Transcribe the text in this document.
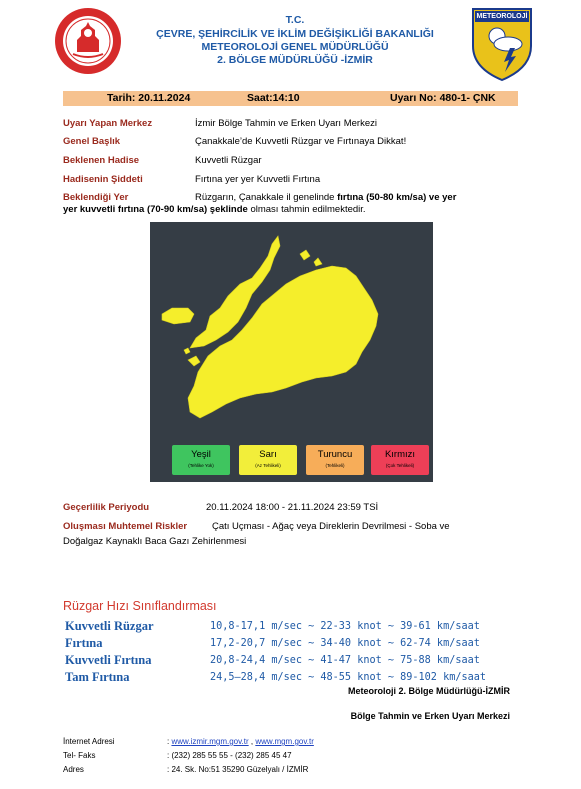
METEOROLOJİ
T.C.
ÇEVRE, ŞEHİRCİLİK VE İKLİM DEĞİŞİKLİĞİ BAKANLIĞI
METEOROLOJİ GENEL MÜDÜRLÜĞÜ
2. BÖLGE MÜDÜRLÜĞÜ -İZMİR
Tarih: 20.11.2024	Saat:14:10	Uyarı No: 480-1- ÇNK
Uyarı Yapan Merkez	İzmir Bölge Tahmin ve Erken Uyarı Merkezi
Genel Başlık	Çanakkale’de Kuvvetli Rüzgar ve Fırtınaya Dikkat!
Beklenen Hadise	Kuvvetli Rüzgar
Hadisenin Şiddeti	Fırtına yer yer Kuvvetli Fırtına
Beklendiği Yer	Rüzgarın, Çanakkale il genelinde fırtına (50-80 km/sa) ve yer
yer kuvvetli fırtına (70-90 km/sa) şeklinde olması tahmin edilmektedir.
Yeşil
(Tehlike Yok)
Sarı
(Az Tehlikeli)
Turuncu
(Tehlikeli)
Kırmızı
(Çok Tehlikeli)
Geçerlilik Periyodu	20.11.2024 18:00 - 21.11.2024 23:59 TSİ
Oluşması Muhtemel Riskler	Çatı Uçması - Ağaç veya Direklerin Devrilmesi - Soba ve
Doğalgaz Kaynaklı Baca Gazı Zehirlenmesi
Rüzgar Hızı Sınıflandırması
Kuvvetli Rüzgar	10,8-17,1 m/sec ~ 22-33 knot ~ 39-61 km/saat
Fırtına	17,2-20,7 m/sec ~ 34-40 knot ~ 62-74 km/saat
Kuvvetli Fırtına	20,8-24,4 m/sec ~ 41-47 knot ~ 75-88 km/saat
Tam Fırtına	24,5–28,4 m/sec ~ 48-55 knot ~ 89-102 km/saat
Meteoroloji 2. Bölge Müdürlüğü-İZMİR
Bölge Tahmin ve Erken Uyarı Merkezi
İnternet Adresi	: www.izmir.mgm.gov.tr , www.mgm.gov.tr
Tel- Faks	: (232) 285 55 55 - (232) 285 45 47
Adres	: 24. Sk. No:51 35290 Güzelyalı / İZMİR
